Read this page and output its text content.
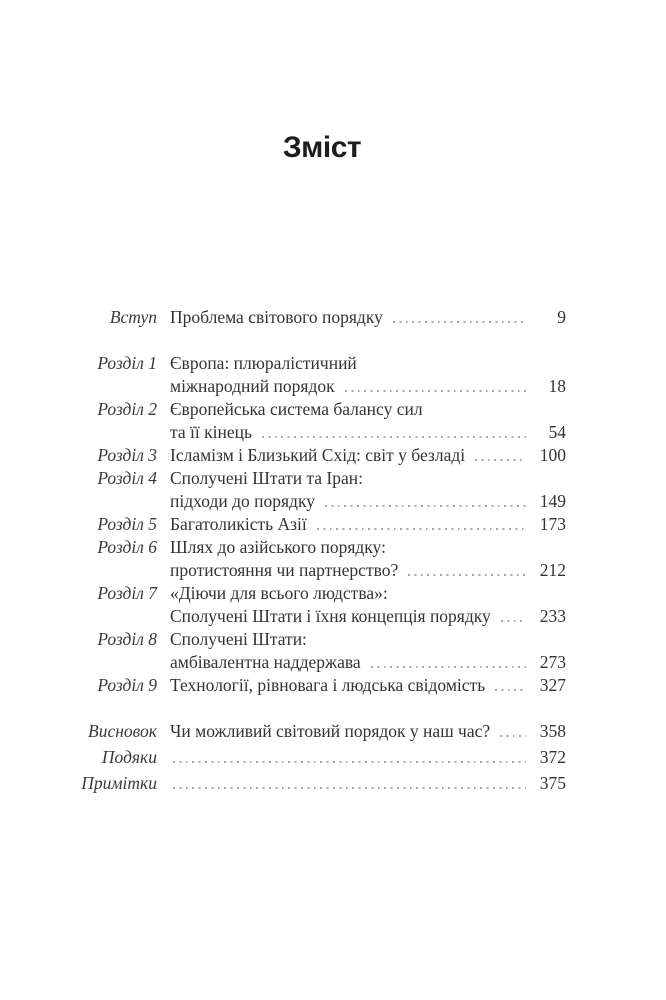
Зміст
Вступ Проблема світового порядку	9
Розділ 1 Європа: плюралістичний
міжнародний порядок	18
Розділ 2 Європейська система балансу сил
та її кінець	54
Розділ 3 Ісламізм і Близький Схід: світ у безладі	100
Розділ 4 Сполучені Штати та Іран:
підходи до порядку	149
Розділ 5 Багатоликість Азії	173
Розділ 6 Шлях до азійського порядку:
протистояння чи партнерство?	212
Розділ 7 «Діючи для всього людства»:
Сполучені Штати і їхня концепція порядку	233
Розділ 8 Сполучені Штати:
амбівалентна наддержава	273
Розділ 9 Технології, рівновага і людська свідомість	327
Висновок Чи можливий світовий порядок у наш час?	358
Подяки	372
Примітки	375
